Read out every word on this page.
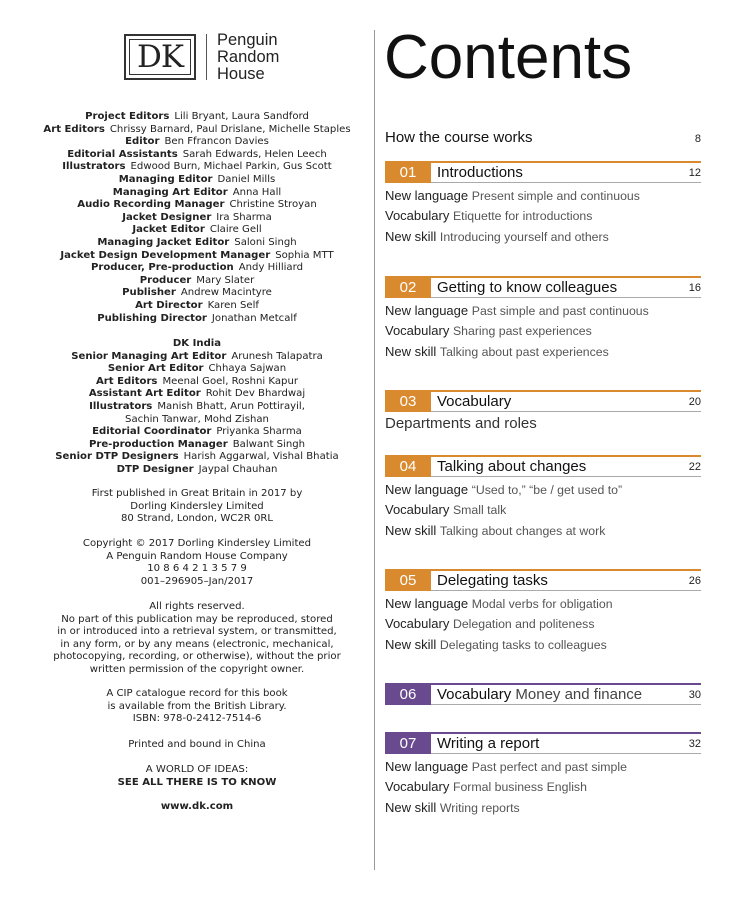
DK Penguin
Random
House
Project Editors Lili Bryant, Laura Sandford
Art Editors Chrissy Barnard, Paul Drislane, Michelle Staples
Editor Ben Ffrancon Davies
Editorial Assistants Sarah Edwards, Helen Leech
Illustrators Edwood Burn, Michael Parkin, Gus Scott
Managing Editor Daniel Mills
Managing Art Editor Anna Hall
Audio Recording Manager Christine Stroyan
Jacket Designer Ira Sharma
Jacket Editor Claire Gell
Managing Jacket Editor Saloni Singh
Jacket Design Development Manager Sophia MTT
Producer, Pre-production Andy Hilliard
Producer Mary Slater
Publisher Andrew Macintyre
Art Director Karen Self
Publishing Director Jonathan Metcalf
DK India
Senior Managing Art Editor Arunesh Talapatra
Senior Art Editor Chhaya Sajwan
Art Editors Meenal Goel, Roshni Kapur
Assistant Art Editor Rohit Dev Bhardwaj
Illustrators Manish Bhatt, Arun Pottirayil,
Sachin Tanwar, Mohd Zishan
Editorial Coordinator Priyanka Sharma
Pre-production Manager Balwant Singh
Senior DTP Designers Harish Aggarwal, Vishal Bhatia
DTP Designer Jaypal Chauhan
First published in Great Britain in 2017 by
Dorling Kindersley Limited
80 Strand, London, WC2R 0RL
Copyright © 2017 Dorling Kindersley Limited
A Penguin Random House Company
10 8 6 4 2 1 3 5 7 9
001–296905–Jan/2017
All rights reserved.
No part of this publication may be reproduced, stored
in or introduced into a retrieval system, or transmitted,
in any form, or by any means (electronic, mechanical,
photocopying, recording, or otherwise), without the prior
written permission of the copyright owner.
A CIP catalogue record for this book
is available from the British Library.
ISBN: 978-0-2412-7514-6
Printed and bound in China
A WORLD OF IDEAS:
SEE ALL THERE IS TO KNOW
www.dk.com
Contents
How the course works	8
01	Introductions	12
New language Present simple and continuous
Vocabulary Etiquette for introductions
New skill Introducing yourself and others
02	Getting to know colleagues	16
New language Past simple and past continuous
Vocabulary Sharing past experiences
New skill Talking about past experiences
03	Vocabulary	20
Departments and roles
04	Talking about changes	22
New language “Used to,” “be / get used to”
Vocabulary Small talk
New skill Talking about changes at work
05	Delegating tasks	26
New language Modal verbs for obligation
Vocabulary Delegation and politeness
New skill Delegating tasks to colleagues
06	Vocabulary Money and finance	30
07	Writing a report	32
New language Past perfect and past simple
Vocabulary Formal business English
New skill Writing reports
